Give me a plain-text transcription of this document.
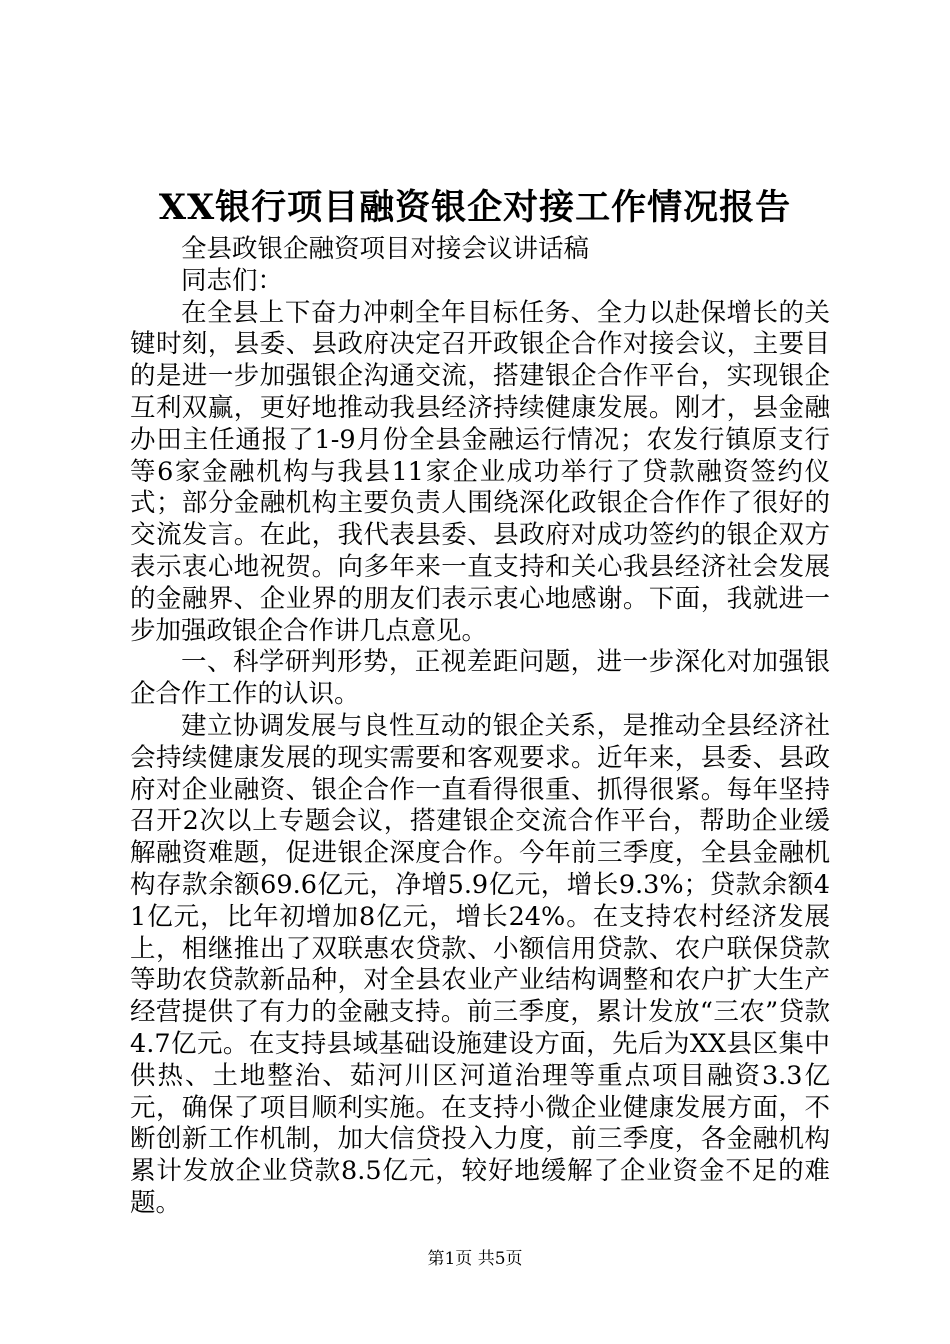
XX银行项目融资银企对接工作情况报告

全县政银企融资项目对接会议讲话稿

同志们：

在全县上下奋力冲刺全年目标任务、全力以赴保增长的关键时刻，县委、县政府决定召开政银企合作对接会议，主要目的是进一步加强银企沟通交流，搭建银企合作平台，实现银企互利双赢，更好地推动我县经济持续健康发展。刚才，县金融办田主任通报了1-9月份全县金融运行情况；农发行镇原支行等6家金融机构与我县11家企业成功举行了贷款融资签约仪式；部分金融机构主要负责人围绕深化政银企合作作了很好的交流发言。在此，我代表县委、县政府对成功签约的银企双方表示衷心地祝贺。向多年来一直支持和关心我县经济社会发展的金融界、企业界的朋友们表示衷心地感谢。下面，我就进一步加强政银企合作讲几点意见。

一、科学研判形势，正视差距问题，进一步深化对加强银企合作工作的认识。

建立协调发展与良性互动的银企关系，是推动全县经济社会持续健康发展的现实需要和客观要求。近年来，县委、县政府对企业融资、银企合作一直看得很重、抓得很紧。每年坚持召开2次以上专题会议，搭建银企交流合作平台，帮助企业缓解融资难题，促进银企深度合作。今年前三季度，全县金融机构存款余额69.6亿元，净增5.9亿元，增长9.3%；贷款余额41亿元，比年初增加8亿元，增长24%。在支持农村经济发展上，相继推出了双联惠农贷款、小额信用贷款、农户联保贷款等助农贷款新品种，对全县农业产业结构调整和农户扩大生产经营提供了有力的金融支持。前三季度，累计发放“三农”贷款4.7亿元。在支持县域基础设施建设方面，先后为XX县区集中供热、土地整治、茹河川区河道治理等重点项目融资3.3亿元，确保了项目顺利实施。在支持小微企业健康发展方面，不断创新工作机制，加大信贷投入力度，前三季度，各金融机构累计发放企业贷款8.5亿元，较好地缓解了企业资金不足的难题。

第1页 共5页
